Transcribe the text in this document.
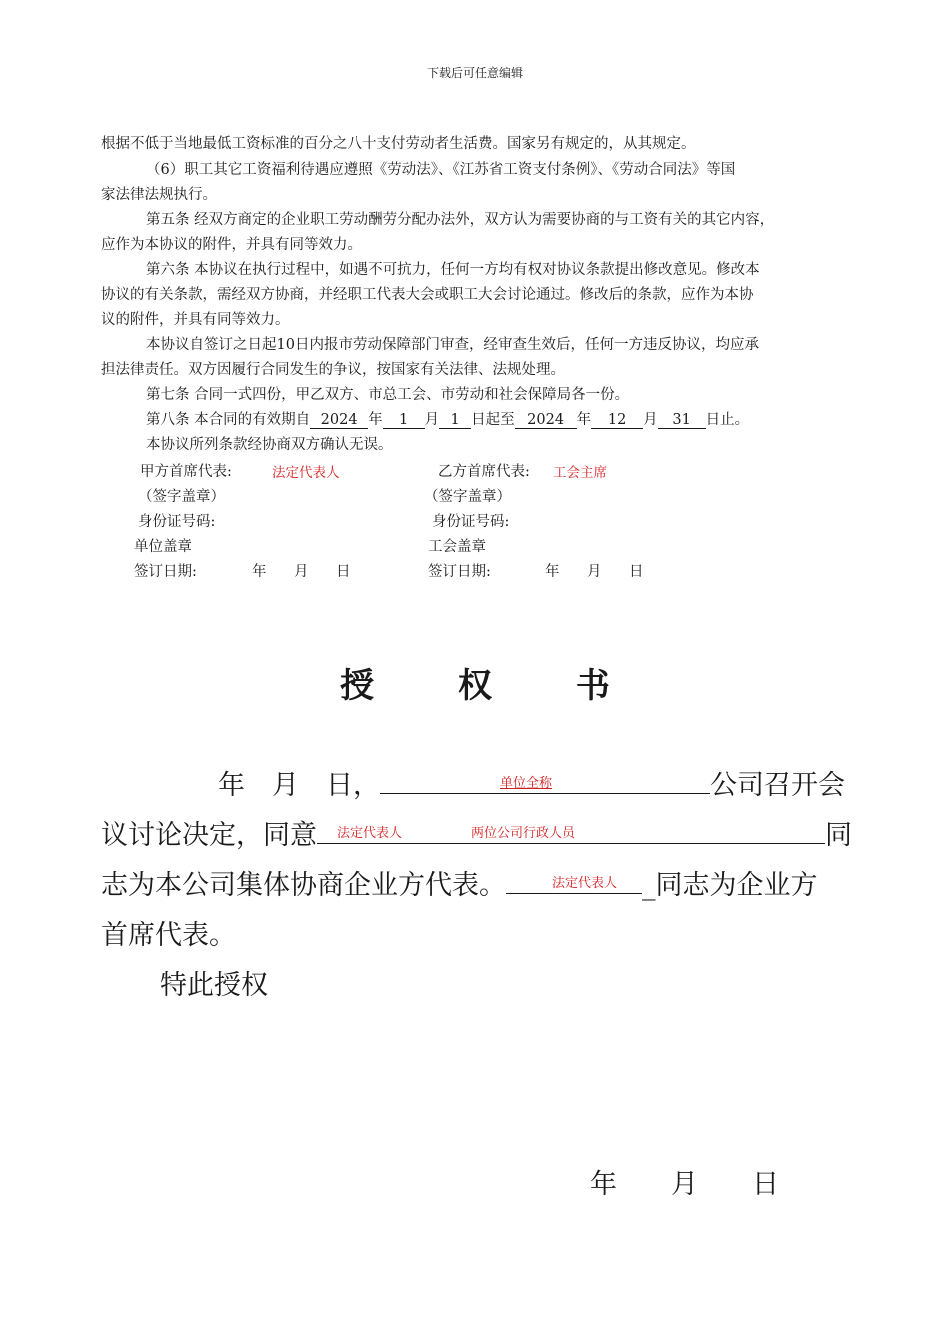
下载后可任意编辑
根据不低于当地最低工资标准的百分之八十支付劳动者生活费。国家另有规定的，从其规定。
（6）职工其它工资福利待遇应遵照《劳动法》、《江苏省工资支付条例》、《劳动合同法》等国
家法律法规执行。
第五条 经双方商定的企业职工劳动酬劳分配办法外，双方认为需要协商的与工资有关的其它内容，
应作为本协议的附件，并具有同等效力。
第六条 本协议在执行过程中，如遇不可抗力，任何一方均有权对协议条款提出修改意见。修改本
协议的有关条款，需经双方协商，并经职工代表大会或职工大会讨论通过。修改后的条款，应作为本协
议的附件，并具有同等效力。
本协议自签订之日起10日内报市劳动保障部门审查，经审查生效后，任何一方违反协议，均应承
担法律责任。双方因履行合同发生的争议，按国家有关法律、法规处理。
第七条 合同一式四份，甲乙双方、市总工会、市劳动和社会保障局各一份。
第八条 本合同的有效期自 2024 年 1 月 1 日起至 2024 年 12 月 31 日止。
本协议所列条款经协商双方确认无误。
甲方首席代表:	法定代表人	乙方首席代表: 工会主席
（签字盖章）	（签字盖章）
身份证号码:	身份证号码:
单位盖章	工会盖章
签订日期:	年 月 日	签订日期:	年 月 日
授 权 书
年　月　日，	单位全称	公司召开会
议讨论决定，同意 法定代表人	两位公司行政人员	同
志为本公司集体协商企业方代表。	法定代表人 _同志为企业方
首席代表。
特此授权
年　　月　　日
